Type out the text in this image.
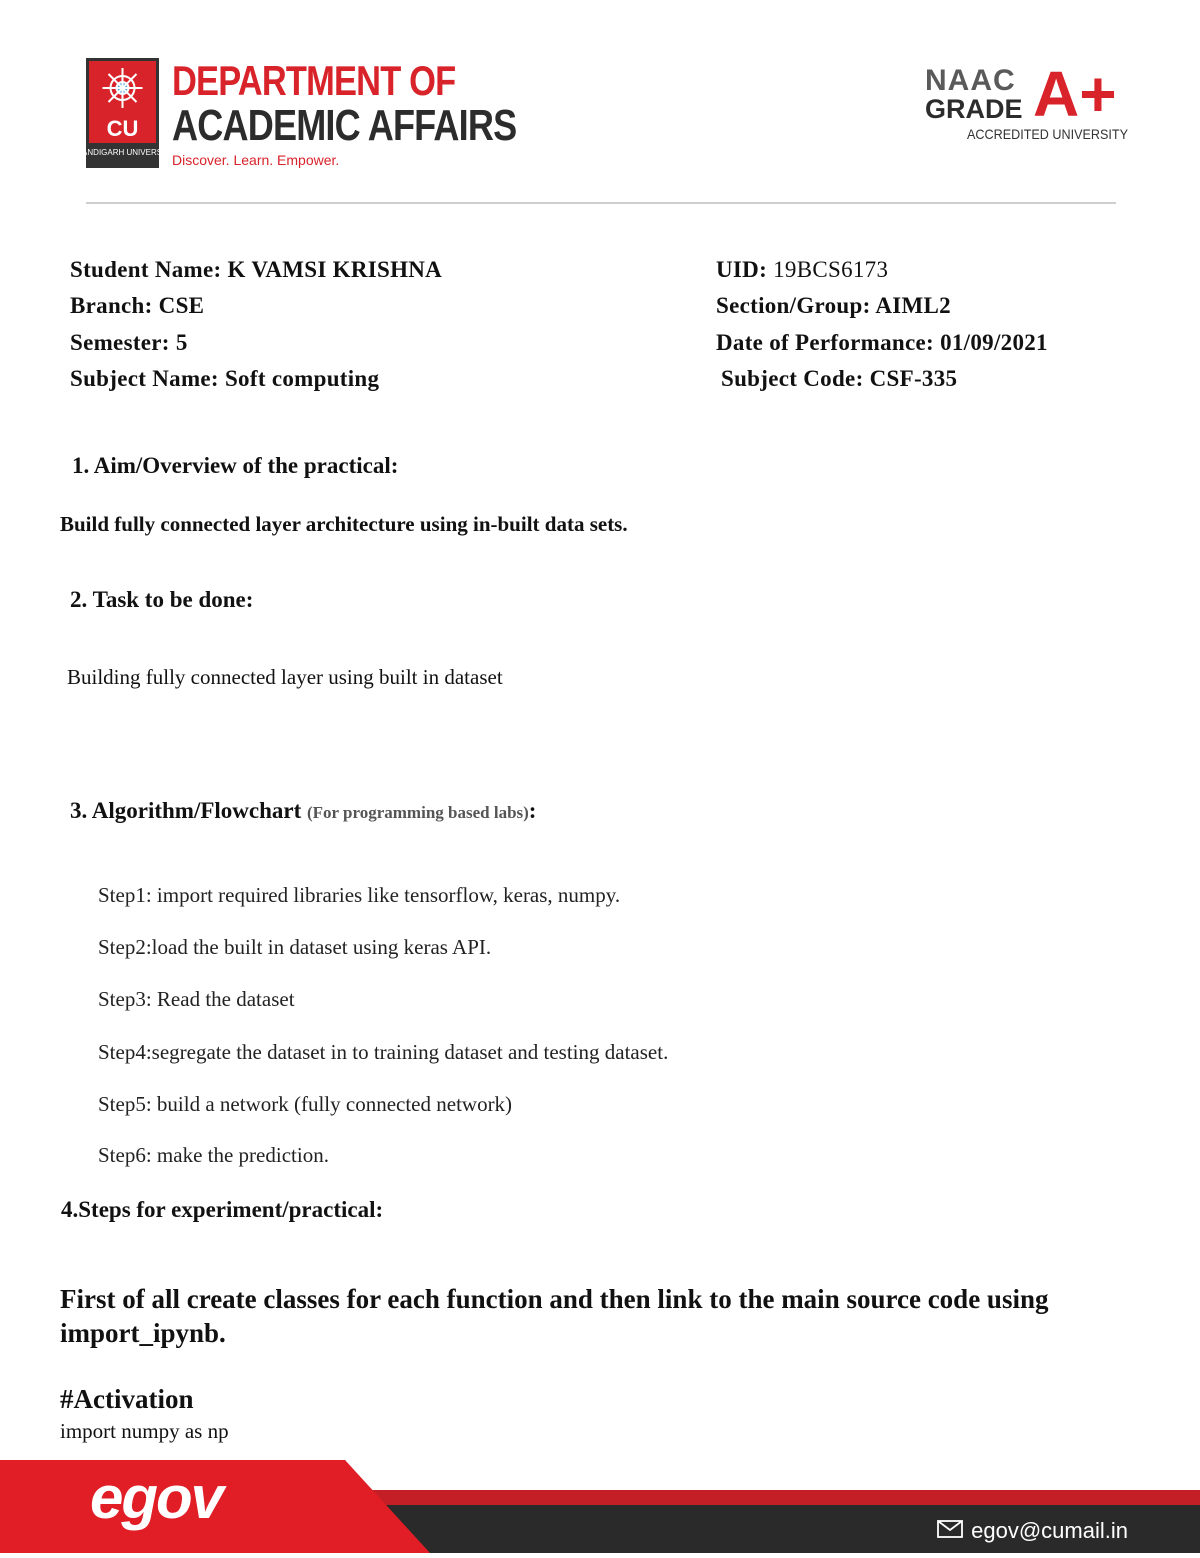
CU
CHANDIGARH UNIVERSITY
DEPARTMENT OF
ACADEMIC AFFAIRS
Discover. Learn. Empower.
NAAC
GRADE A+
ACCREDITED UNIVERSITY
Student Name: K VAMSI KRISHNA	UID: 19BCS6173
Branch: CSE	Section/Group: AIML2
Semester: 5	Date of Performance: 01/09/2021
Subject Name: Soft computing	Subject Code: CSF-335
1. Aim/Overview of the practical:
Build fully connected layer architecture using in-built data sets.
2. Task to be done:
Building fully connected layer using built in dataset
3. Algorithm/Flowchart (For programming based labs):
Step1: import required libraries like tensorflow, keras, numpy.
Step2:load the built in dataset using keras API.
Step3: Read the dataset
Step4:segregate the dataset in to training dataset and testing dataset.
Step5: build a network (fully connected network)
Step6: make the prediction.
4.Steps for experiment/practical:
First of all create classes for each function and then link to the main source code using import_ipynb.
#Activation
import numpy as np
egov	egov@cumail.in
